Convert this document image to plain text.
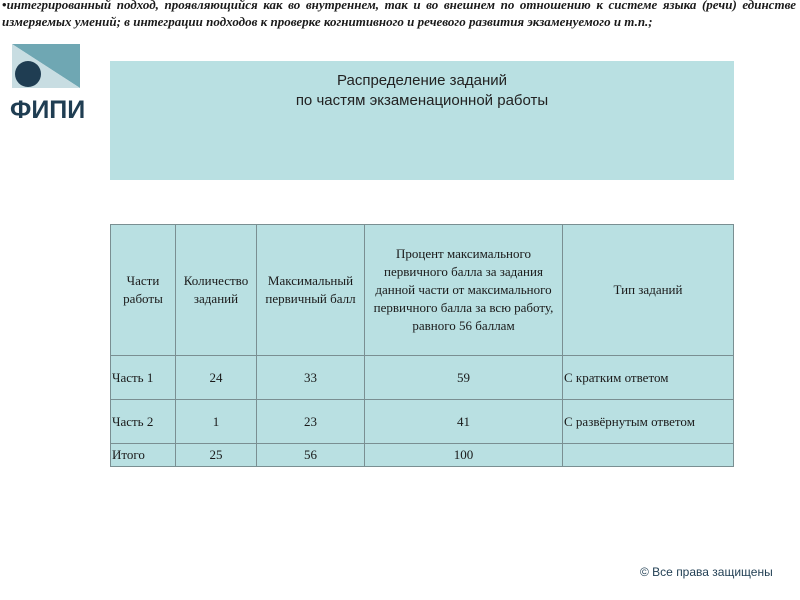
•интегрированный подход, проявляющийся как во внутреннем, так и во внешнем по отношению к системе языка (речи) единстве измеряемых умений; в интеграции подходов к проверке когнитивного и речевого развития экзаменуемого и т.п.;

ФИПИ
Распределение заданий
по частям экзаменационной работы
Части работы	Количество заданий	Максимальный первичный балл	Процент максимального первичного балла за задания данной части от максимального первичного балла за всю работу, равного 56 баллам	Тип заданий
Часть 1	24	33	59	С кратким ответом
Часть 2	1	23	41	С развёрнутым ответом
Итого	25	56	100	
© Все права защищены
